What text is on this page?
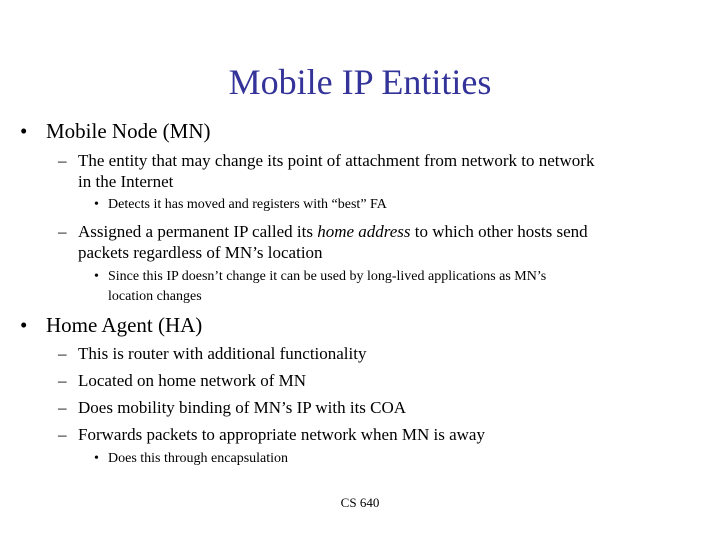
Mobile IP Entities
• Mobile Node (MN)
– The entity that may change its point of attachment from network to network
in the Internet
• Detects it has moved and registers with “best” FA
– Assigned a permanent IP called its home address to which other hosts send
packets regardless of MN’s location
• Since this IP doesn’t change it can be used by long-lived applications as MN’s
location changes
• Home Agent (HA)
– This is router with additional functionality
– Located on home network of MN
– Does mobility binding of MN’s IP with its COA
– Forwards packets to appropriate network when MN is away
• Does this through encapsulation
CS 640
